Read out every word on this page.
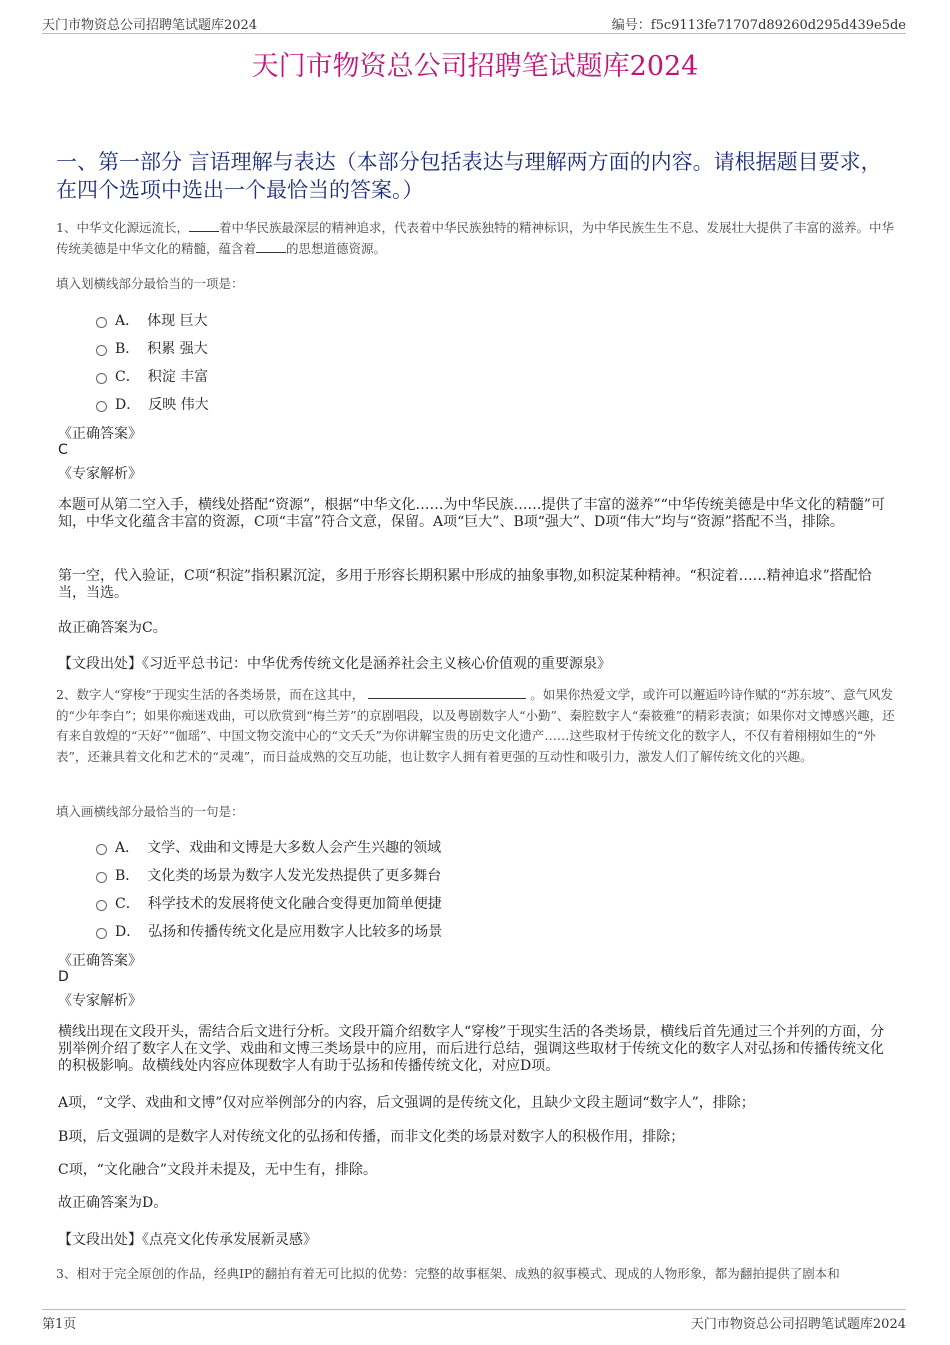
天门市物资总公司招聘笔试题库2024	编号：f5c9113fe71707d89260d295d439e5de
天门市物资总公司招聘笔试题库2024
一、第一部分 言语理解与表达（本部分包括表达与理解两方面的内容。请根据题目要求，在四个选项中选出一个最恰当的答案。）
1、中华文化源远流长， 着中华民族最深层的精神追求，代表着中华民族独特的精神标识，为中华民族生生不息、发展壮大提供了丰富的滋养。中华传统美德是中华文化的精髓，蕴含着 的思想道德资源。
填入划横线部分最恰当的一项是：
A． 体现 巨大
B． 积累 强大
C． 积淀 丰富
D． 反映 伟大
《正确答案》
C
《专家解析》
本题可从第二空入手，横线处搭配“资源”，根据“中华文化……为中华民族……提供了丰富的滋养”“中华传统美德是中华文化的精髓”可知，中华文化蕴含丰富的资源，C项“丰富”符合文意，保留。A项“巨大”、B项“强大”、D项“伟大”均与“资源”搭配不当，排除。
第一空，代入验证，C项“积淀”指积累沉淀，多用于形容长期积累中形成的抽象事物,如积淀某种精神。“积淀着……精神追求”搭配恰当，当选。
故正确答案为C。
【文段出处】《习近平总书记：中华优秀传统文化是涵养社会主义核心价值观的重要源泉》
2、数字人“穿梭”于现实生活的各类场景，而在这其中，	。如果你热爱文学，或许可以邂逅吟诗作赋的“苏东坡”、意气风发的“少年李白”；如果你痴迷戏曲，可以欣赏到“梅兰芳”的京剧唱段，以及粤剧数字人“小勤”、秦腔数字人“秦筱雅”的精彩表演；如果你对文博感兴趣，还有来自敦煌的“天好”“伽瑶”、中国文物交流中心的“文夭夭”为你讲解宝贵的历史文化遗产……这些取材于传统文化的数字人，不仅有着栩栩如生的“外表”，还兼具着文化和艺术的“灵魂”，而日益成熟的交互功能，也让数字人拥有着更强的互动性和吸引力，激发人们了解传统文化的兴趣。
填入画横线部分最恰当的一句是：
A． 文学、戏曲和文博是大多数人会产生兴趣的领域
B． 文化类的场景为数字人发光发热提供了更多舞台
C． 科学技术的发展将使文化融合变得更加简单便捷
D． 弘扬和传播传统文化是应用数字人比较多的场景
《正确答案》
D
《专家解析》
横线出现在文段开头，需结合后文进行分析。文段开篇介绍数字人“穿梭”于现实生活的各类场景，横线后首先通过三个并列的方面，分别举例介绍了数字人在文学、戏曲和文博三类场景中的应用，而后进行总结，强调这些取材于传统文化的数字人对弘扬和传播传统文化的积极影响。故横线处内容应体现数字人有助于弘扬和传播传统文化，对应D项。
A项，“文学、戏曲和文博”仅对应举例部分的内容，后文强调的是传统文化，且缺少文段主题词“数字人”，排除；
B项，后文强调的是数字人对传统文化的弘扬和传播，而非文化类的场景对数字人的积极作用，排除；
C项，“文化融合”文段并未提及，无中生有，排除。
故正确答案为D。
【文段出处】《点亮文化传承发展新灵感》
3、相对于完全原创的作品，经典IP的翻拍有着无可比拟的优势：完整的故事框架、成熟的叙事模式、现成的人物形象，都为翻拍提供了剧本和
第1页	天门市物资总公司招聘笔试题库2024
